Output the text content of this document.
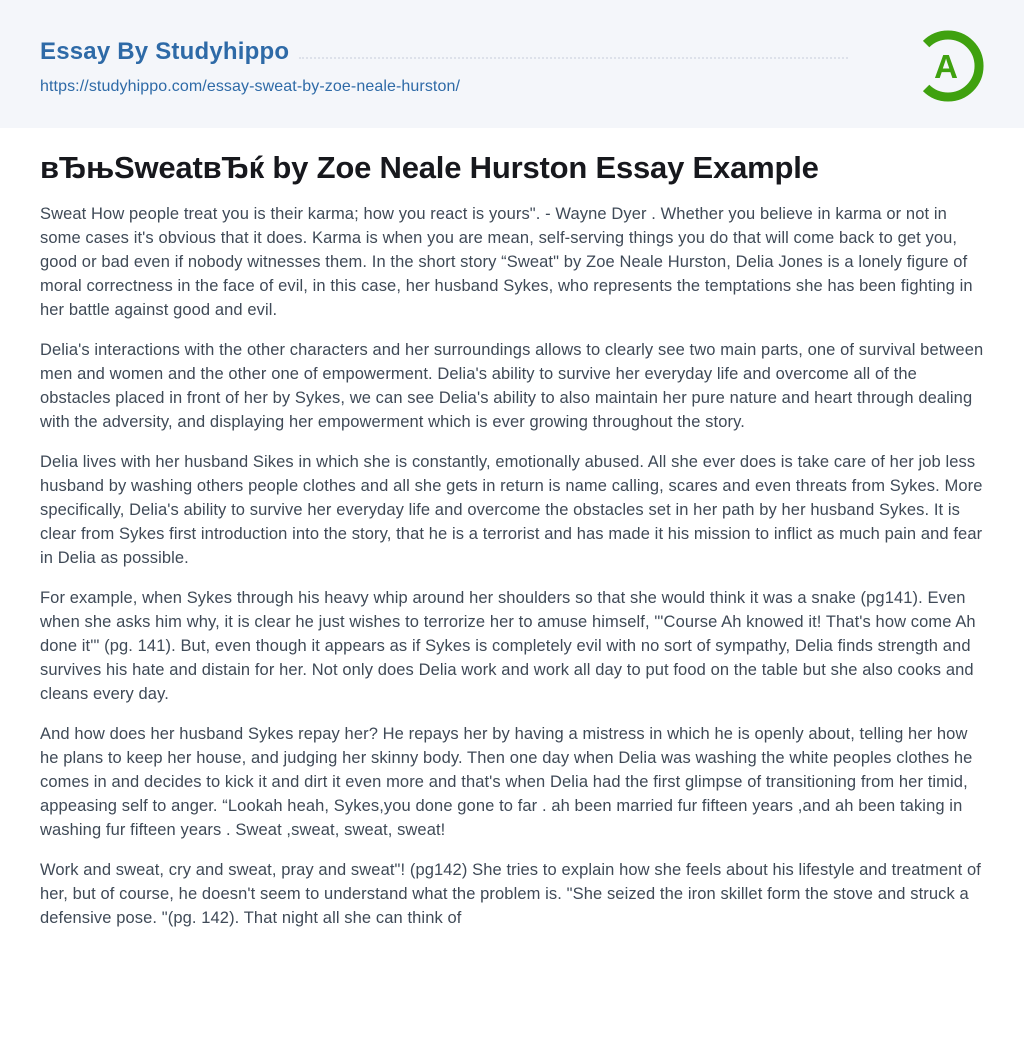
Essay By Studyhippo
https://studyhippo.com/essay-sweat-by-zoe-neale-hurston/
A
вЂњSweatвЂќ by Zoe Neale Hurston Essay Example

Sweat How people treat you is their karma; how you react is yours". - Wayne Dyer . Whether you believe in karma or not in some cases it's obvious that it does. Karma is when you are mean, self-serving things you do that will come back to get you, good or bad even if nobody witnesses them. In the short story “Sweat" by Zoe Neale Hurston, Delia Jones is a lonely figure of moral correctness in the face of evil, in this case, her husband Sykes, who represents the temptations she has been fighting in her battle against good and evil.

Delia's interactions with the other characters and her surroundings allows to clearly see two main parts, one of survival between men and women and the other one of empowerment. Delia's ability to survive her everyday life and overcome all of the obstacles placed in front of her by Sykes, we can see Delia's ability to also maintain her pure nature and heart through dealing with the adversity, and displaying her empowerment which is ever growing throughout the story.

Delia lives with her husband Sikes in which she is constantly, emotionally abused. All she ever does is take care of her job less husband by washing others people clothes and all she gets in return is name calling, scares and even threats from Sykes. More specifically, Delia's ability to survive her everyday life and overcome the obstacles set in her path by her husband Sykes. It is clear from Sykes first introduction into the story, that he is a terrorist and has made it his mission to inflict as much pain and fear in Delia as possible.

For example, when Sykes through his heavy whip around her shoulders so that she would think it was a snake (pg141). Even when she asks him why, it is clear he just wishes to terrorize her to amuse himself, "'Course Ah knowed it! That's how come Ah done it'" (pg. 141). But, even though it appears as if Sykes is completely evil with no sort of sympathy, Delia finds strength and survives his hate and distain for her. Not only does Delia work and work all day to put food on the table but she also cooks and cleans every day.

And how does her husband Sykes repay her? He repays her by having a mistress in which he is openly about, telling her how he plans to keep her house, and judging her skinny body. Then one day when Delia was washing the white peoples clothes he comes in and decides to kick it and dirt it even more and that's when Delia had the first glimpse of transitioning from her timid, appeasing self to anger. “Lookah heah, Sykes,you done gone to far . ah been married fur fifteen years ,and ah been taking in washing fur fifteen years . Sweat ,sweat, sweat, sweat!

Work and sweat, cry and sweat, pray and sweat"! (pg142) She tries to explain how she feels about his lifestyle and treatment of her, but of course, he doesn't seem to understand what the problem is. "She seized the iron skillet form the stove and struck a defensive pose. "(pg. 142). That night all she can think of
